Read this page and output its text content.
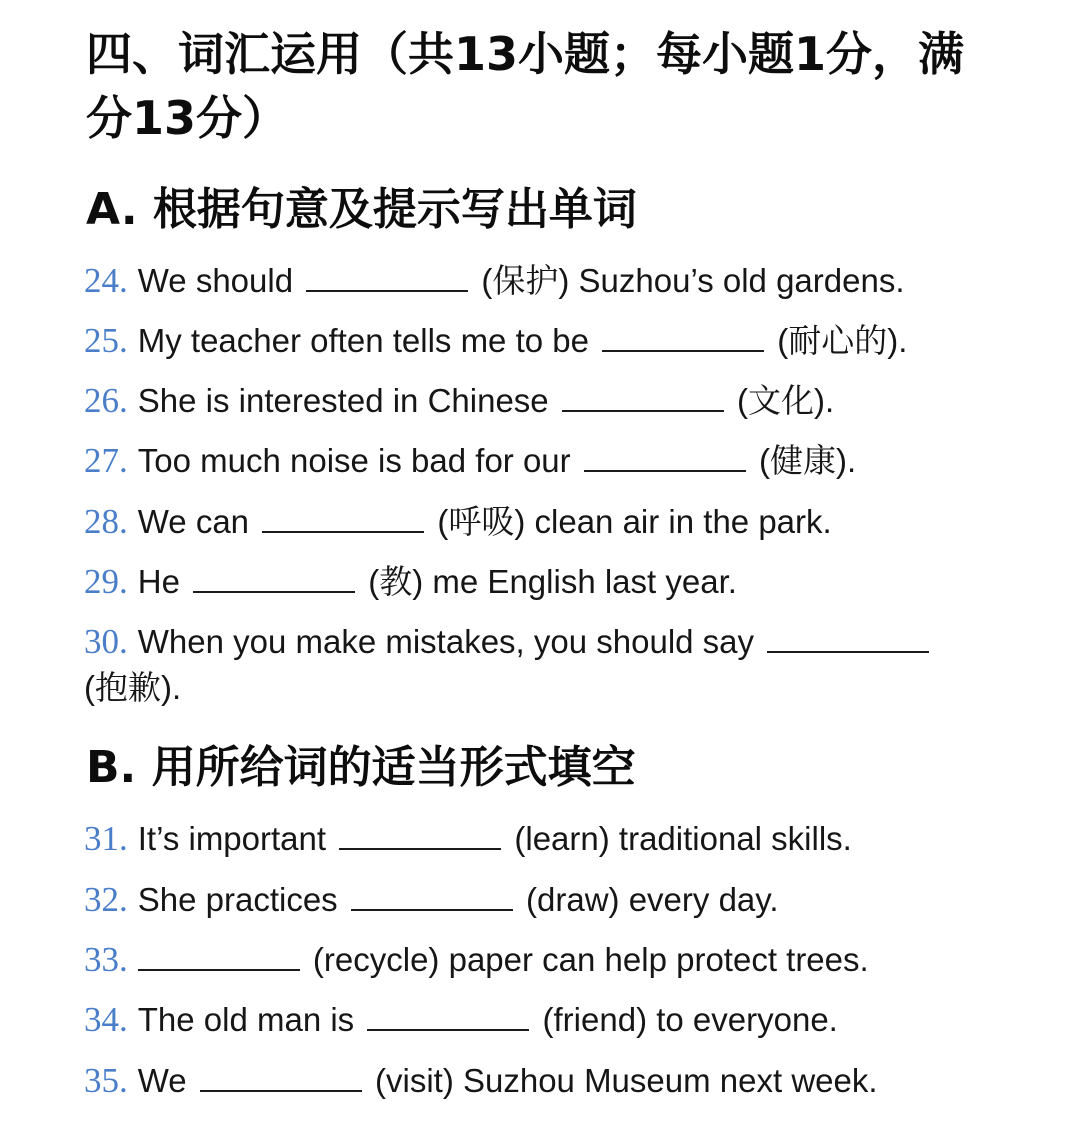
四、词汇运用（共13小题；每小题1分，满分13分）
A. 根据句意及提示写出单词
24. We should	(保护) Suzhou’s old gardens.
25. My teacher often tells me to be	(耐心的).
26. She is interested in Chinese	(文化).
27. Too much noise is bad for our	(健康).
28. We can	(呼吸) clean air in the park.
29. He	(教) me English last year.
30. When you make mistakes, you should say  (抱歉).
B. 用所给词的适当形式填空
31. It’s important	(learn) traditional skills.
32. She practices	(draw) every day.
33.	(recycle) paper can help protect trees.
34. The old man is	(friend) to everyone.
35. We	(visit) Suzhou Museum next week.
